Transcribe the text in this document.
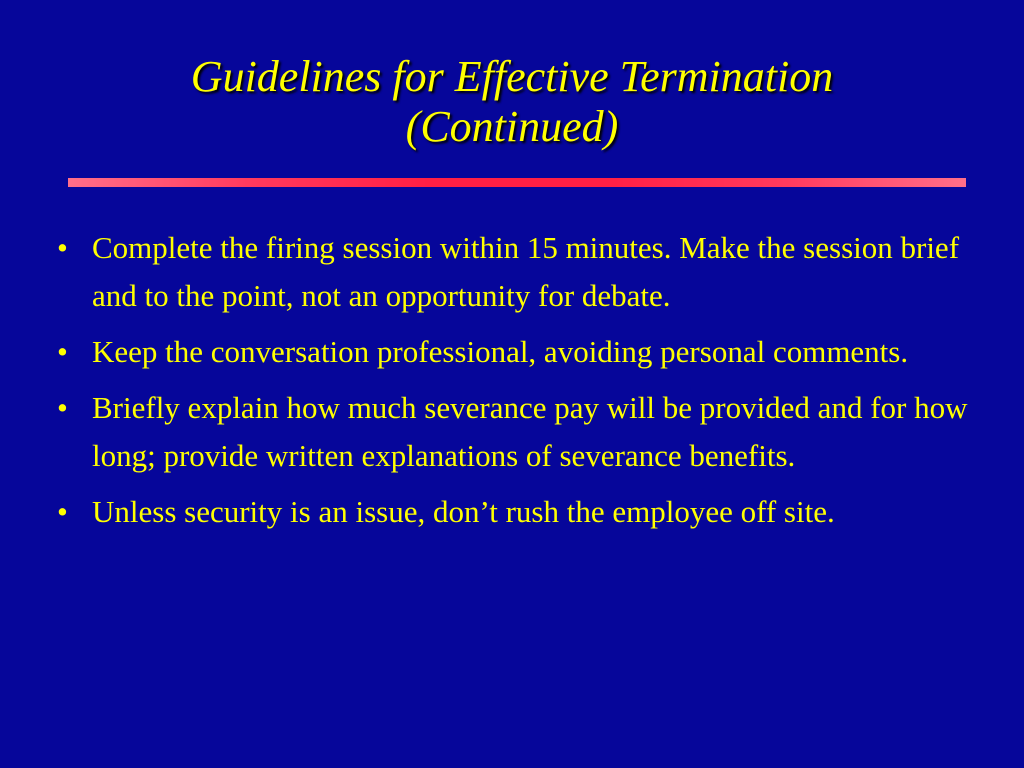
Guidelines for Effective Termination
(Continued)
• Complete the firing session within 15 minutes. Make the session brief and to the point, not an opportunity for debate.
• Keep the conversation professional, avoiding personal comments.
• Briefly explain how much severance pay will be provided and for how long; provide written explanations of severance benefits.
• Unless security is an issue, don’t rush the employee off site.
